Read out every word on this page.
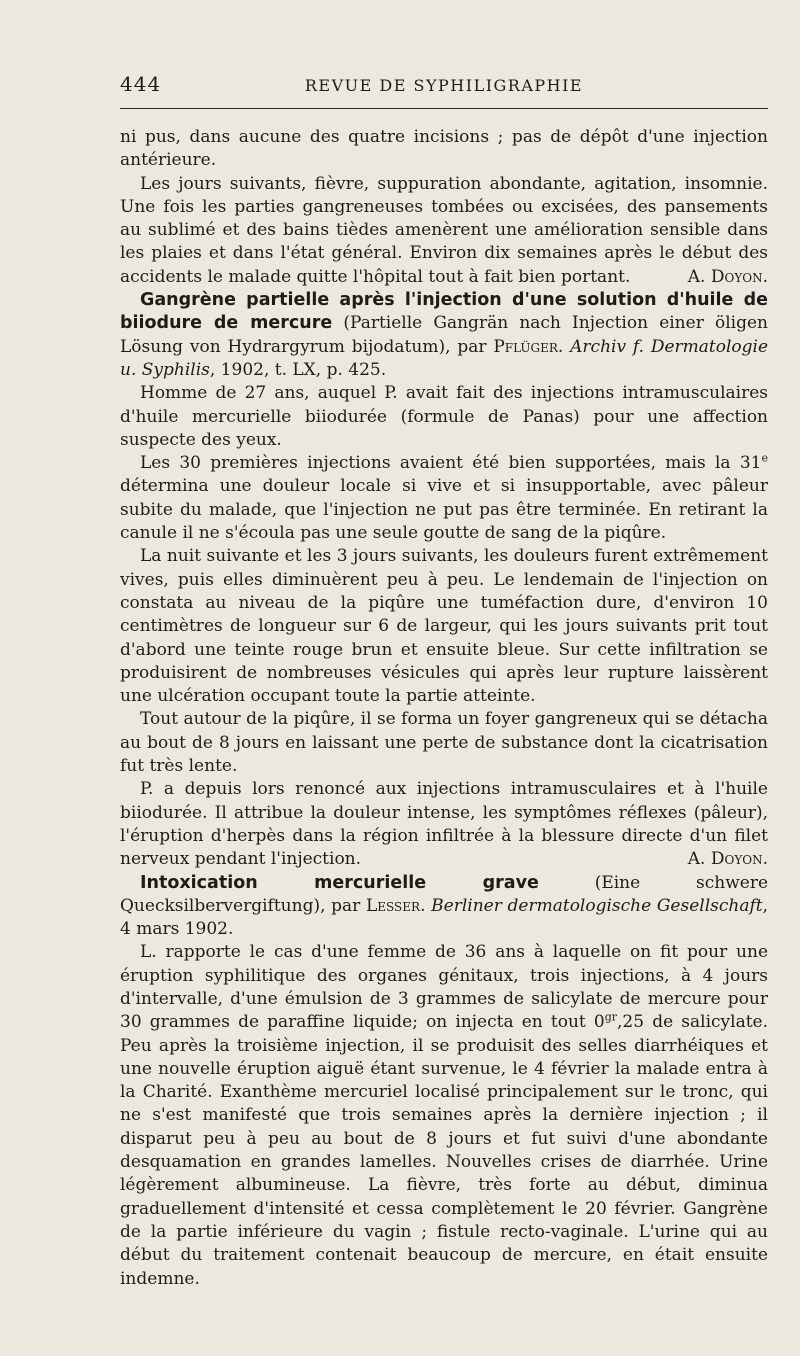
444	REVUE DE SYPHILIGRAPHIE

ni pus, dans aucune des quatre incisions ; pas de dépôt d'une injection antérieure.

Les jours suivants, fièvre, suppuration abondante, agitation, insomnie. Une fois les parties gangreneuses tombées ou excisées, des pansements au sublimé et des bains tièdes amenèrent une amélioration sensible dans les plaies et dans l'état général. Environ dix semaines après le début des accidents le malade quitte l'hôpital tout à fait bien portant.	A. Doyon.

Gangrène partielle après l'injection d'une solution d'huile de biiodure de mercure (Partielle Gangrän nach Injection einer öligen Lösung von Hydrargyrum bijodatum), par Pflüger. Archiv f. Dermatologie u. Syphilis, 1902, t. LX, p. 425.

Homme de 27 ans, auquel P. avait fait des injections intramusculaires d'huile mercurielle biiodurée (formule de Panas) pour une affection suspecte des yeux.

Les 30 premières injections avaient été bien supportées, mais la 31e détermina une douleur locale si vive et si insupportable, avec pâleur subite du malade, que l'injection ne put pas être terminée. En retirant la canule il ne s'écoula pas une seule goutte de sang de la piqûre.

La nuit suivante et les 3 jours suivants, les douleurs furent extrêmement vives, puis elles diminuèrent peu à peu. Le lendemain de l'injection on constata au niveau de la piqûre une tuméfaction dure, d'environ 10 centimètres de longueur sur 6 de largeur, qui les jours suivants prit tout d'abord une teinte rouge brun et ensuite bleue. Sur cette infiltration se produisirent de nombreuses vésicules qui après leur rupture laissèrent une ulcération occupant toute la partie atteinte.

Tout autour de la piqûre, il se forma un foyer gangreneux qui se détacha au bout de 8 jours en laissant une perte de substance dont la cicatrisation fut très lente.

P. a depuis lors renoncé aux injections intramusculaires et à l'huile biiodurée. Il attribue la douleur intense, les symptômes réflexes (pâleur), l'éruption d'herpès dans la région infiltrée à la blessure directe d'un filet nerveux pendant l'injection.	A. Doyon.

Intoxication mercurielle grave (Eine schwere Quecksilbervergiftung), par Lesser. Berliner dermatologische Gesellschaft, 4 mars 1902.

L. rapporte le cas d'une femme de 36 ans à laquelle on fit pour une éruption syphilitique des organes génitaux, trois injections, à 4 jours d'intervalle, d'une émulsion de 3 grammes de salicylate de mercure pour 30 grammes de paraffine liquide; on injecta en tout $0^{gr},25$ de salicylate. Peu après la troisième injection, il se produisit des selles diarrhéiques et une nouvelle éruption aiguë étant survenue, le 4 février la malade entra à la Charité. Exanthème mercuriel localisé principalement sur le tronc, qui ne s'est manifesté que trois semaines après la dernière injection ; il disparut peu à peu au bout de 8 jours et fut suivi d'une abondante desquamation en grandes lamelles. Nouvelles crises de diarrhée. Urine légèrement albumineuse. La fièvre, très forte au début, diminua graduellement d'intensité et cessa complètement le 20 février. Gangrène de la partie inférieure du vagin ; fistule recto-vaginale. L'urine qui au début du traitement contenait beaucoup de mercure, en était ensuite indemne.
